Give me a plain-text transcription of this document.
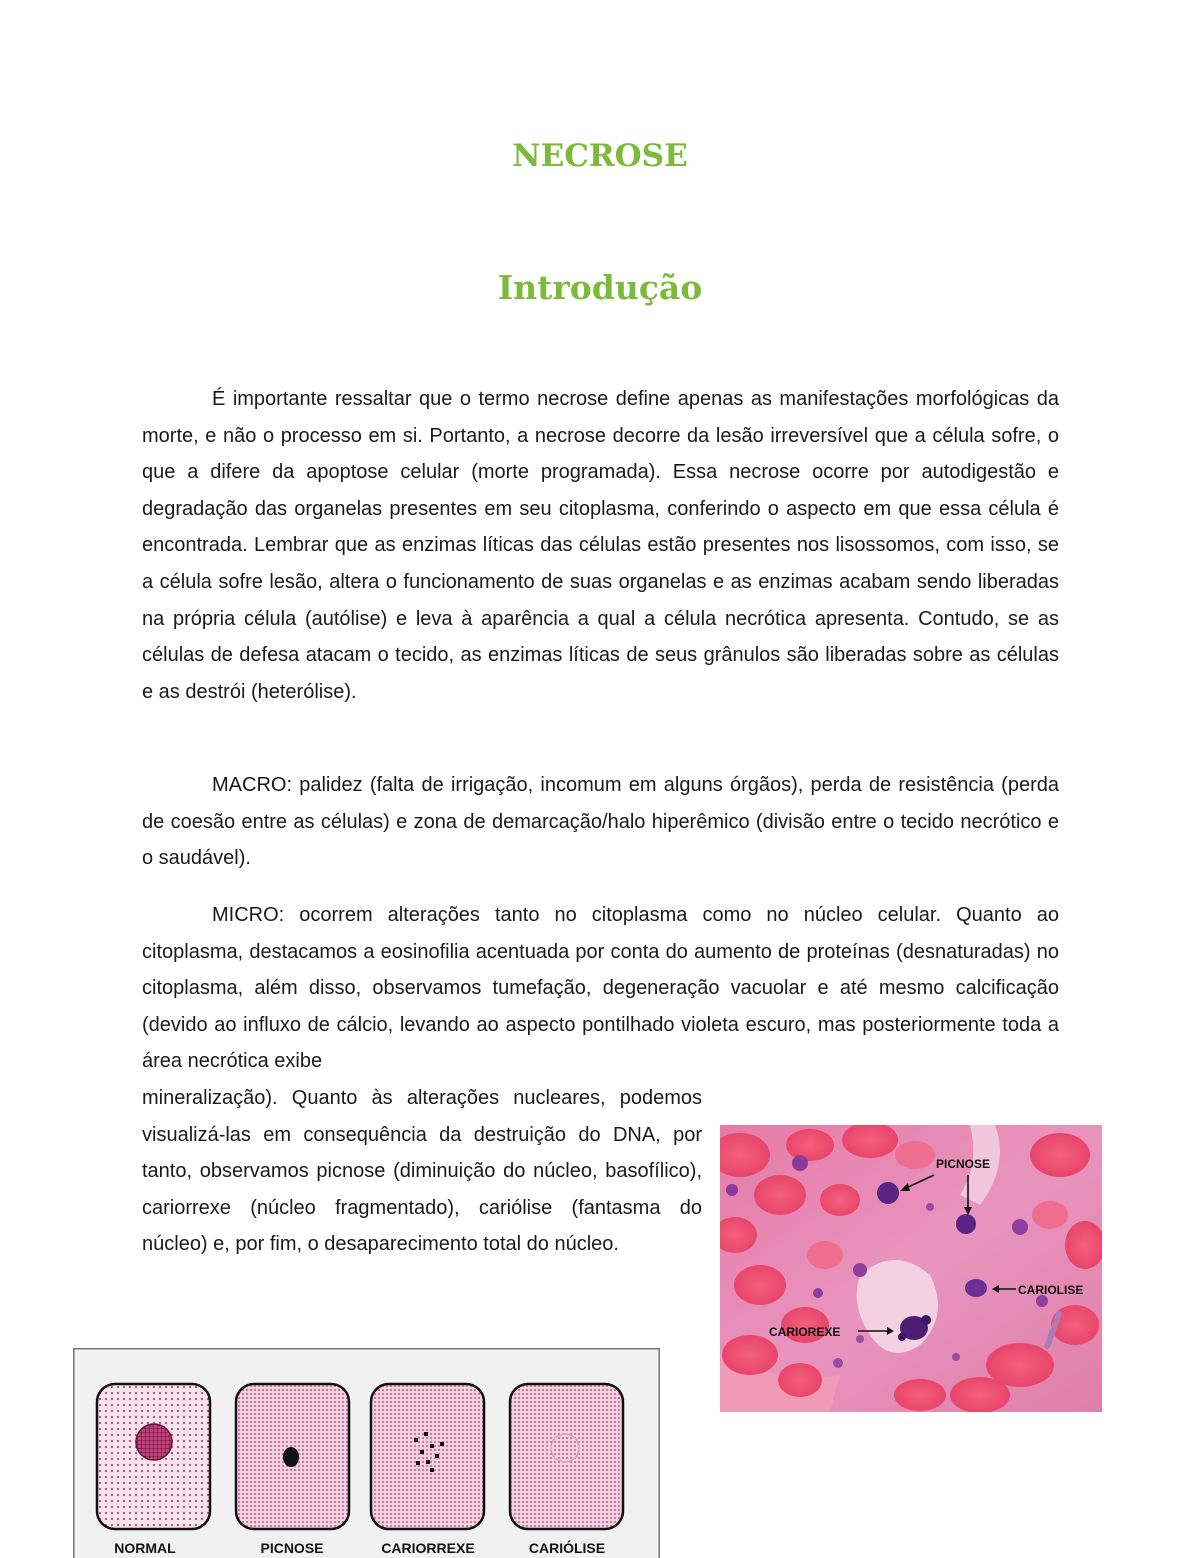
NECROSE
Introdução

É importante ressaltar que o termo necrose define apenas as manifestações morfológicas da morte, e não o processo em si. Portanto, a necrose decorre da lesão irreversível que a célula sofre, o que a difere da apoptose celular (morte programada). Essa necrose ocorre por autodigestão e degradação das organelas presentes em seu citoplasma, conferindo o aspecto em que essa célula é encontrada. Lembrar que as enzimas líticas das células estão presentes nos lisossomos, com isso, se a célula sofre lesão, altera o funcionamento de suas organelas e as enzimas acabam sendo liberadas na própria célula (autólise) e leva à aparência a qual a célula necrótica apresenta. Contudo, se as células de defesa atacam o tecido, as enzimas líticas de seus grânulos são liberadas sobre as células e as destrói (heterólise).

MACRO: palidez (falta de irrigação, incomum em alguns órgãos), perda de resistência (perda de coesão entre as células) e zona de demarcação/halo hiperêmico (divisão entre o tecido necrótico e o saudável).

MICRO: ocorrem alterações tanto no citoplasma como no núcleo celular. Quanto ao citoplasma, destacamos a eosinofilia acentuada por conta do aumento de proteínas (desnaturadas) no citoplasma, além disso, observamos tumefação, degeneração vacuolar e até mesmo calcificação (devido ao influxo de cálcio, levando ao aspecto pontilhado violeta escuro, mas posteriormente toda a área necrótica exibe

mineralização). Quanto às alterações nucleares, podemos visualizá-las em consequência da destruição do DNA, por tanto, observamos picnose (diminuição do núcleo, basofílico), cariorrexe (núcleo fragmentado), cariólise (fantasma do núcleo) e, por fim, o desaparecimento total do núcleo.

PICNOSE
CARIOLISE
CARIOREXE
NORMAL	PICNOSE	CARIORREXE	CARIÓLISE
